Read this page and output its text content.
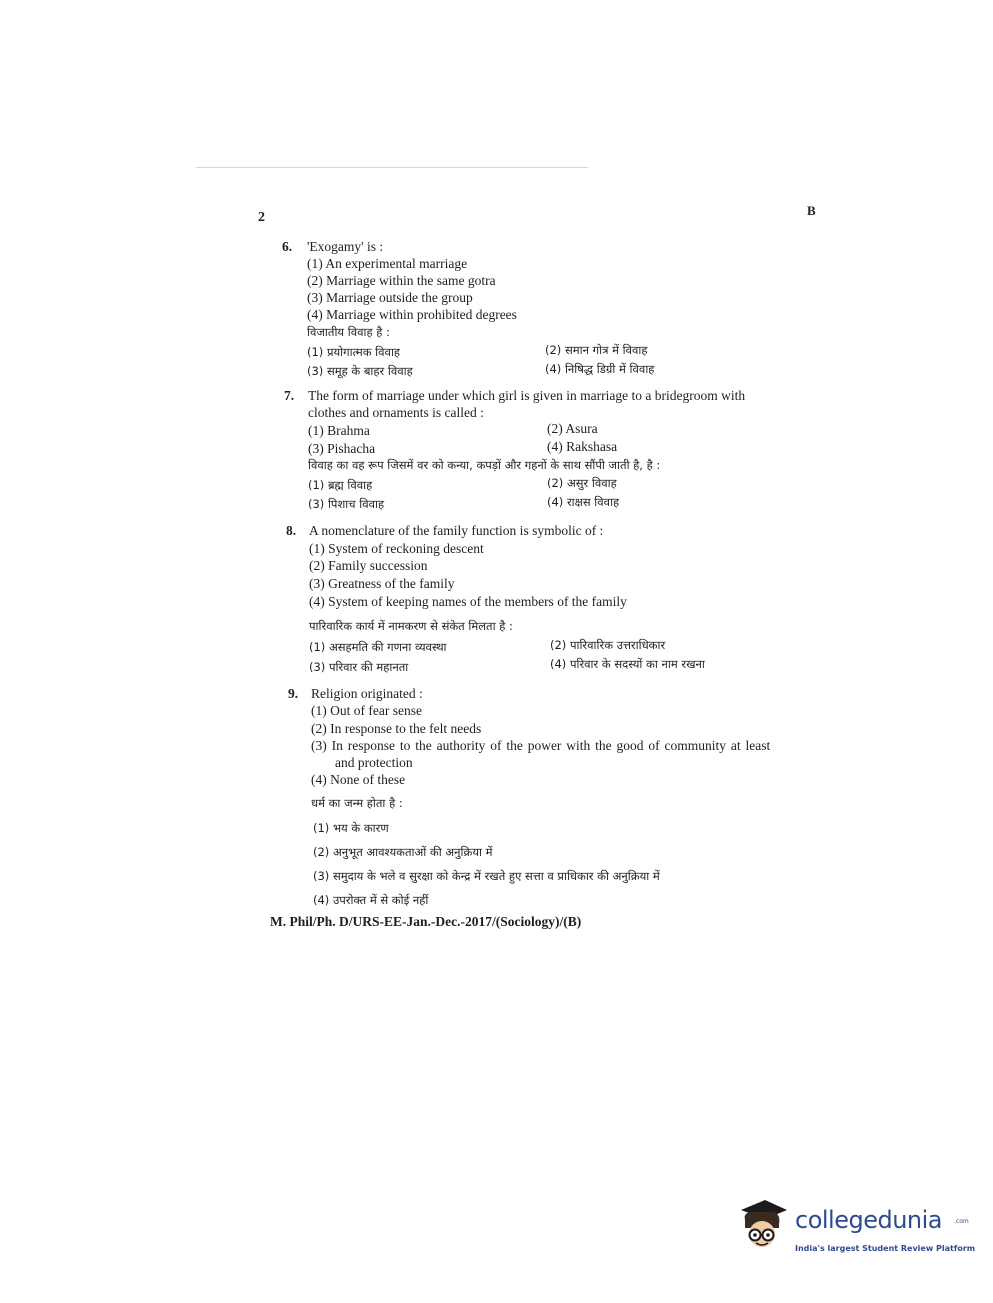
2	B
6. 'Exogamy' is :
(1) An experimental marriage
(2) Marriage within the same gotra
(3) Marriage outside the group
(4) Marriage within prohibited degrees
विजातीय विवाह है :
(1) प्रयोगात्मक विवाह	(2) समान गोत्र में विवाह
(3) समूह के बाहर विवाह	(4) निषिद्ध डिग्री में विवाह
7. The form of marriage under which girl is given in marriage to a bridegroom with
clothes and ornaments is called :
(1) Brahma	(2) Asura
(3) Pishacha	(4) Rakshasa
विवाह का वह रूप जिसमें वर को कन्या, कपड़ों और गहनों के साथ सौंपी जाती है, है :
(1) ब्रह्म विवाह	(2) असुर विवाह
(3) पिशाच विवाह	(4) राक्षस विवाह
8. A nomenclature of the family function is symbolic of :
(1) System of reckoning descent
(2) Family succession
(3) Greatness of the family
(4) System of keeping names of the members of the family
पारिवारिक कार्य में नामकरण से संकेत मिलता है :
(1) असहमति की गणना व्यवस्था	(2) पारिवारिक उत्तराधिकार
(3) परिवार की महानता	(4) परिवार के सदस्यों का नाम रखना
9. Religion originated :
(1) Out of fear sense
(2) In response to the felt needs
(3) In response to the authority of the power with the good of community at least
and protection
(4) None of these
धर्म का जन्म होता है :
(1) भय के कारण
(2) अनुभूत आवश्यकताओं की अनुक्रिया में
(3) समुदाय के भले व सुरक्षा को केन्द्र में रखते हुए सत्ता व प्राधिकार की अनुक्रिया में
(4) उपरोक्त में से कोई नहीं
M. Phil/Ph. D/URS-EE-Jan.-Dec.-2017/(Sociology)/(B)
collegedunia .com
India's largest Student Review Platform
